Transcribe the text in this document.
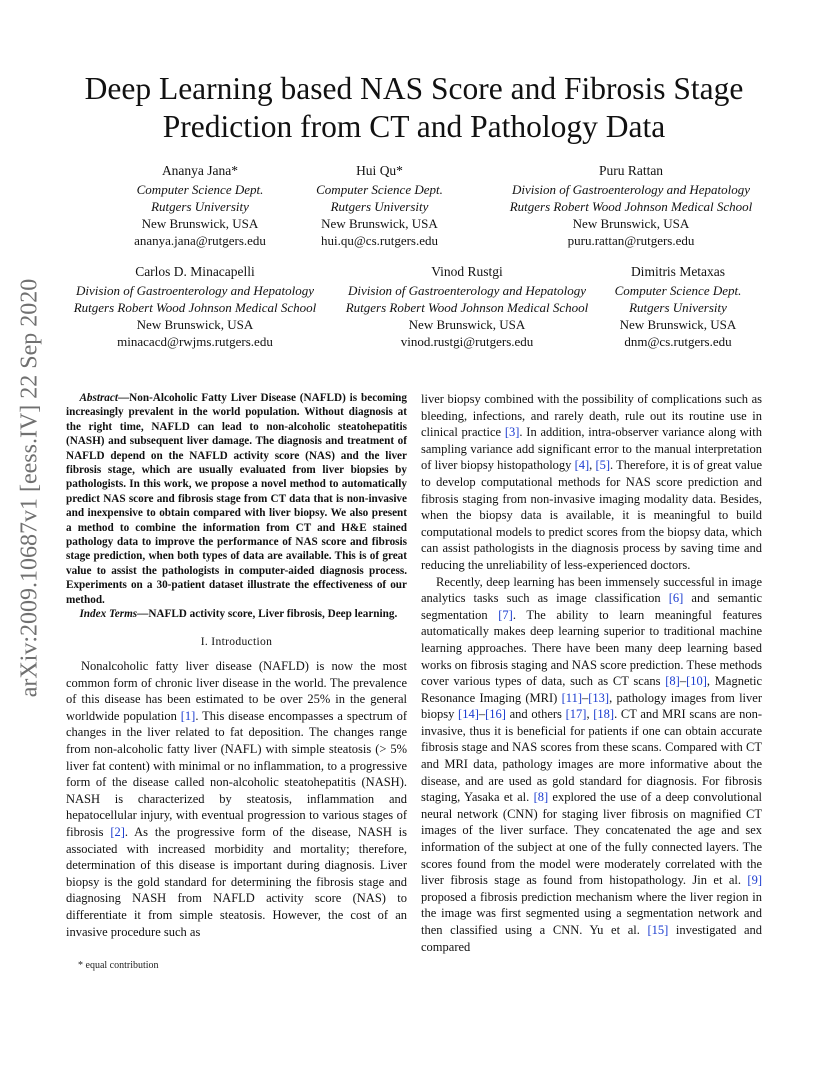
arXiv:2009.10687v1 [eess.IV] 22 Sep 2020
Deep Learning based NAS Score and Fibrosis Stage Prediction from CT and Pathology Data
Ananya Jana*
Computer Science Dept.
Rutgers University
New Brunswick, USA
ananya.jana@rutgers.edu
Hui Qu*
Computer Science Dept.
Rutgers University
New Brunswick, USA
hui.qu@cs.rutgers.edu
Puru Rattan
Division of Gastroenterology and Hepatology
Rutgers Robert Wood Johnson Medical School
New Brunswick, USA
puru.rattan@rutgers.edu
Carlos D. Minacapelli
Division of Gastroenterology and Hepatology
Rutgers Robert Wood Johnson Medical School
New Brunswick, USA
minacacd@rwjms.rutgers.edu
Vinod Rustgi
Division of Gastroenterology and Hepatology
Rutgers Robert Wood Johnson Medical School
New Brunswick, USA
vinod.rustgi@rutgers.edu
Dimitris Metaxas
Computer Science Dept.
Rutgers University
New Brunswick, USA
dnm@cs.rutgers.edu

Abstract—Non-Alcoholic Fatty Liver Disease (NAFLD) is becoming increasingly prevalent in the world population. Without diagnosis at the right time, NAFLD can lead to non-alcoholic steatohepatitis (NASH) and subsequent liver damage. The diagnosis and treatment of NAFLD depend on the NAFLD activity score (NAS) and the liver fibrosis stage, which are usually evaluated from liver biopsies by pathologists. In this work, we propose a novel method to automatically predict NAS score and fibrosis stage from CT data that is non-invasive and inexpensive to obtain compared with liver biopsy. We also present a method to combine the information from CT and H&E stained pathology data to improve the performance of NAS score and fibrosis stage prediction, when both types of data are available. This is of great value to assist the pathologists in computer-aided diagnosis process. Experiments on a 30-patient dataset illustrate the effectiveness of our method.

Index Terms—NAFLD activity score, Liver fibrosis, Deep learning.

I. Introduction

Nonalcoholic fatty liver disease (NAFLD) is now the most common form of chronic liver disease in the world. The prevalence of this disease has been estimated to be over 25% in the general worldwide population [1]. This disease encompasses a spectrum of changes in the liver related to fat deposition. The changes range from non-alcoholic fatty liver (NAFL) with simple steatosis (> 5% liver fat content) with minimal or no inflammation, to a progressive form of the disease called non-alcoholic steatohepatitis (NASH). NASH is characterized by steatosis, inflammation and hepatocellular injury, with eventual progression to various stages of fibrosis [2]. As the progressive form of the disease, NASH is associated with increased morbidity and mortality; therefore, determination of this disease is important during diagnosis. Liver biopsy is the gold standard for determining the fibrosis stage and diagnosing NASH from NAFLD activity score (NAS) to differentiate it from simple steatosis. However, the cost of an invasive procedure such as

* equal contribution

liver biopsy combined with the possibility of complications such as bleeding, infections, and rarely death, rule out its routine use in clinical practice [3]. In addition, intra-observer variance along with sampling variance add significant error to the manual interpretation of liver biopsy histopathology [4], [5]. Therefore, it is of great value to develop computational methods for NAS score prediction and fibrosis staging from non-invasive imaging modality data. Besides, when the biopsy data is available, it is meaningful to build computational models to predict scores from the biopsy data, which can assist pathologists in the diagnosis process by saving time and reducing the unreliability of less-experienced doctors.

Recently, deep learning has been immensely successful in image analytics tasks such as image classification [6] and semantic segmentation [7]. The ability to learn meaningful features automatically makes deep learning superior to traditional machine learning approaches. There have been many deep learning based works on fibrosis staging and NAS score prediction. These methods cover various types of data, such as CT scans [8]–[10], Magnetic Resonance Imaging (MRI) [11]–[13], pathology images from liver biopsy [14]–[16] and others [17], [18]. CT and MRI scans are non-invasive, thus it is beneficial for patients if one can obtain accurate fibrosis stage and NAS scores from these scans. Compared with CT and MRI data, pathology images are more informative about the disease, and are used as gold standard for diagnosis. For fibrosis staging, Yasaka et al. [8] explored the use of a deep convolutional neural network (CNN) for staging liver fibrosis on magnified CT images of the liver surface. They concatenated the age and sex information of the subject at one of the fully connected layers. The scores found from the model were moderately correlated with the liver fibrosis stage as found from histopathology. Jin et al. [9] proposed a fibrosis prediction mechanism where the liver region in the image was first segmented using a segmentation network and then classified using a CNN. Yu et al. [15] investigated and compared
